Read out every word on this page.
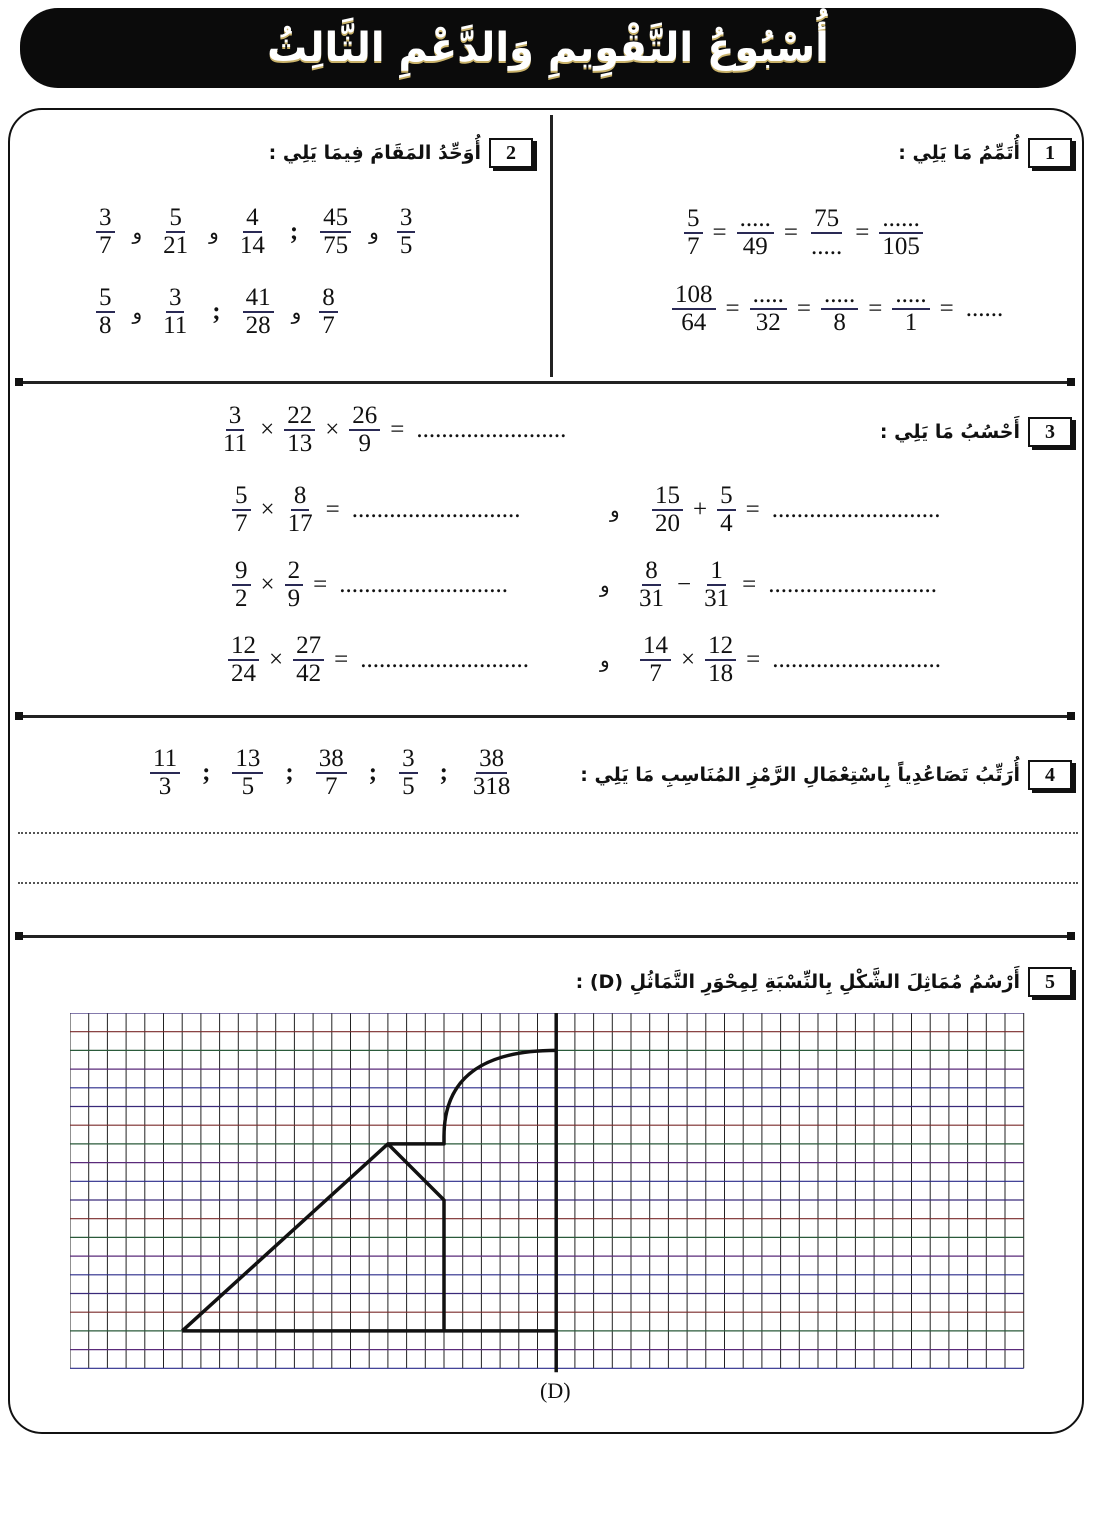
أُسْبُوعُ التَّقْوِيمِ وَالدَّعْمِ الثَّالِثُ
1
أُتَمِّمُ مَا يَلِي :
$\frac{5}{7} = \frac{.....}{49} = \frac{75}{.....} = \frac{......}{105}$
$\frac{108}{64} = \frac{.....}{32} = \frac{.....}{8} = \frac{.....}{1}$ = ......
2
أُوَحِّدُ المَقَامَ فِيمَا يَلِي :
$\frac{3}{7}$ و $\frac{5}{21}$ و $\frac{4}{14}$ ; $\frac{45}{75}$ و $\frac{3}{5}$
$\frac{5}{8}$ و $\frac{3}{11}$ ; $\frac{41}{28}$ و $\frac{8}{7}$
3
أَحْسُبُ مَا يَلِي :
$\frac{3}{11} \times \frac{22}{13} \times \frac{26}{9}$ = ........................
$\frac{5}{7} \times \frac{8}{17}$ = ...........................
$\frac{9}{2} \times \frac{2}{9}$ = ...........................
$\frac{12}{24} \times \frac{27}{42}$ = ...........................
و
و
و
$\frac{15}{20} + \frac{5}{4}$ = ...........................
$\frac{8}{31} - \frac{1}{31}$ = ...........................
$\frac{14}{7} \times \frac{12}{18}$ = ...........................
4
أُرَتِّبُ تَصَاعُدِياً بِاسْتِعْمَالِ الرَّمْزِ المُنَاسِبِ مَا يَلِي :
$\frac{11}{3}$ ; $\frac{13}{5}$ ; $\frac{38}{7}$ ; $\frac{3}{5}$ ; $\frac{38}{318}$
5
أَرْسُمُ مُمَاثِلَ الشَّكْلِ بِالنِّسْبَةِ لِمِحْوَرِ التَّمَاثُلِ (D) :
(D)
